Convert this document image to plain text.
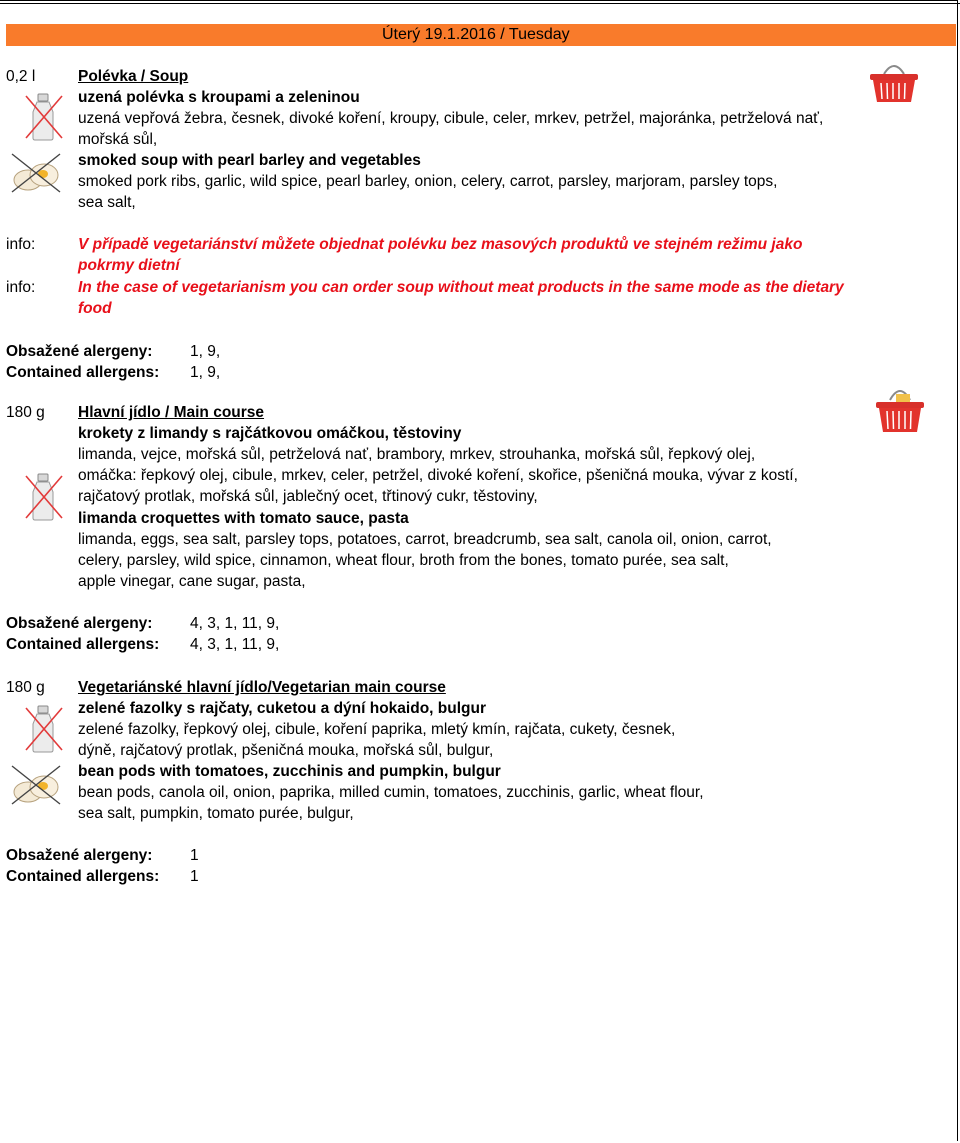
Úterý 19.1.2016 / Tuesday
0,2 l	Polévka / Soup
uzená polévka s kroupami a zeleninou
uzená vepřová žebra, česnek, divoké koření, kroupy, cibule, celer, mrkev, petržel, majoránka, petrželová nať,
mořská sůl,
smoked soup with pearl barley and vegetables
smoked pork ribs, garlic, wild spice, pearl barley, onion, celery, carrot, parsley, marjoram, parsley tops,
sea salt,
info:	V případě vegetariánství můžete objednat polévku bez masových produktů ve stejném režimu jako
pokrmy dietní
info:	In the case of vegetarianism you can order soup without meat products in the same mode as the dietary
food
Obsažené alergeny: 1, 9,
Contained allergens: 1, 9,
180 g Hlavní jídlo / Main course
krokety z limandy s rajčátkovou omáčkou, těstoviny
limanda, vejce, mořská sůl, petrželová nať, brambory, mrkev, strouhanka, mořská sůl, řepkový olej,
omáčka: řepkový olej, cibule, mrkev, celer, petržel, divoké koření, skořice, pšeničná mouka, vývar z kostí,
rajčatový protlak, mořská sůl, jablečný ocet, třtinový cukr, těstoviny,
limanda croquettes with tomato sauce, pasta
limanda, eggs, sea salt, parsley tops, potatoes, carrot, breadcrumb, sea salt, canola oil, onion, carrot,
celery, parsley, wild spice, cinnamon, wheat flour, broth from the bones, tomato purée, sea salt,
apple vinegar, cane sugar, pasta,
Obsažené alergeny: 4, 3, 1, 11, 9,
Contained allergens: 4, 3, 1, 11, 9,
180 g Vegetariánské hlavní jídlo/Vegetarian main course
zelené fazolky s rajčaty, cuketou a dýní hokaido, bulgur
zelené fazolky, řepkový olej, cibule, koření paprika, mletý kmín, rajčata, cukety, česnek,
dýně, rajčatový protlak, pšeničná mouka, mořská sůl, bulgur,
bean pods with tomatoes, zucchinis and pumpkin, bulgur
bean pods, canola oil, onion, paprika, milled cumin, tomatoes, zucchinis, garlic, wheat flour,
sea salt, pumpkin, tomato purée, bulgur,
Obsažené alergeny: 1
Contained allergens: 1
